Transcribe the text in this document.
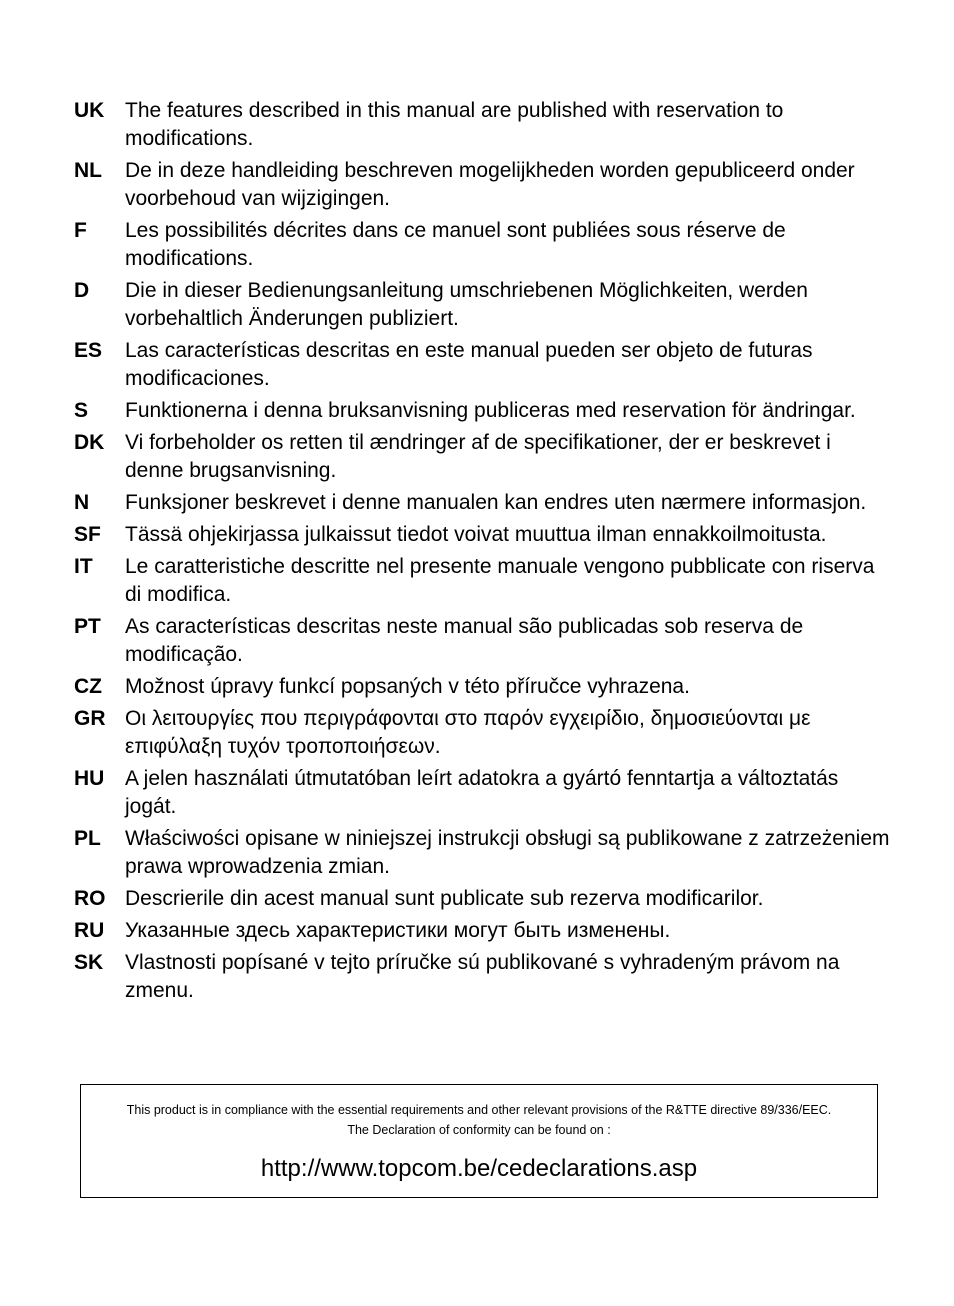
UK The features described in this manual are published with reservation to modifications.
NL	De in deze handleiding beschreven mogelijkheden worden gepubliceerd onder voorbehoud van wijzigingen.
F	Les possibilités décrites dans ce manuel sont publiées sous réserve de modifications.
D	Die in dieser Bedienungsanleitung umschriebenen Möglichkeiten, werden vorbehaltlich Änderungen publiziert.
ES	Las características descritas en este manual pueden ser objeto de futuras modificaciones.
S	Funktionerna i denna bruksanvisning publiceras med reservation för ändringar.
DK Vi forbeholder os retten til ændringer af de specifikationer, der er beskrevet i denne brugsanvisning.
N	Funksjoner beskrevet i denne manualen kan endres uten nærmere informasjon.
SF	Tässä ohjekirjassa julkaissut tiedot voivat muuttua ilman ennakkoilmoitusta.
IT	Le caratteristiche descritte nel presente manuale vengono pubblicate con riserva di modifica.
PT	As características descritas neste manual são publicadas sob reserva de modificação.
CZ	Možnost úpravy funkcí popsaných v této příručce vyhrazena.
GR Οι λειτουργίες που περιγράφονται στο παρόν εγχειρίδιο, δημοσιεύονται με επιφύλαξη τυχόν τροποποιήσεων.
HU A jelen használati útmutatóban leírt adatokra a gyártó fenntartja a változtatás jogát.
PL	Właściwości opisane w niniejszej instrukcji obsługi są publikowane z zatrzeżeniem prawa wprowadzenia zmian.
RO Descrierile din acest manual sunt publicate sub rezerva modificarilor.
RU Указанные здесь характеристики могут быть изменены.
SK	Vlastnosti popísané v tejto príručke sú publikované s vyhradeným právom na zmenu.
This product is in compliance with the essential requirements and other relevant provisions of the R&TTE directive 89/336/EEC.
The Declaration of conformity can be found on :
http://www.topcom.be/cedeclarations.asp
